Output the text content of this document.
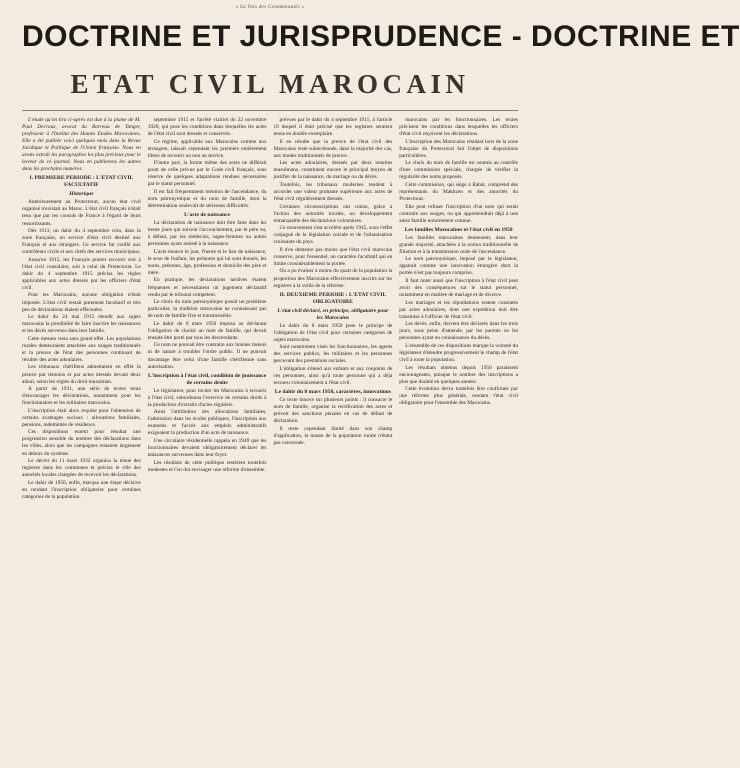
« La Voix des Communautés »
DOCTRINE ET JURISPRUDENCE - DOCTRINE ET
ETAT CIVIL MAROCAIN

L'étude qu'on lira ci-après est due à la plume de M. Paul Decroux, avocat du Barreau de Tanger, professeur à l'Institut des Hautes Etudes Marocaines. Elle a été publiée voici quelques mois dans la Revue Juridique et Politique de l'Union française. Nous en avons extrait les paragraphes les plus précieux pour le lecteur de ce journal. Nous en publierons les autres dans les prochains numéros.

I. PREMIERE PERIODE : L'ETAT CIVIL FACULTATIF
Historique

Antérieurement au Protectorat, aucun état civil organisé n'existait au Maroc. L'état civil français n'était tenu que par les consuls de France à l'égard de leurs ressortissants.

Dès 1913, un dahir du 4 septembre créa, dans la zone française, un service d'état civil destiné aux Français et aux étrangers. Ce service fut confié aux contrôleurs civils et aux chefs des services municipaux.

Jusqu'en 1915, les Français purent recourir soit à l'état civil consulaire, soit à celui du Protectorat. Le dahir du 4 septembre 1915 précisa les règles applicables aux actes dressés par les officiers d'état civil.

Pour les Marocains, aucune obligation n'était imposée. L'état civil restait purement facultatif et très peu de déclarations étaient effectuées.

Le dahir du 24 mai 1915 étendit aux sujets marocains la possibilité de faire inscrire les naissances et les décès survenus dans leur famille.

Cette mesure resta sans grand effet. Les populations rurales demeuraient attachées aux usages traditionnels et la preuve de l'état des personnes continuait de résulter des actes adoulaires.

Les tribunaux chérifiens admettaient en effet la preuve par témoins et par actes dressés devant deux adoul, selon les règles du droit musulman.

A partir de 1931, une série de textes tenta d'encourager les déclarations, notamment pour les fonctionnaires et les militaires marocains.

L'inscription était alors requise pour l'obtention de certains avantages sociaux : allocations familiales, pensions, indemnités de résidence.

Ces dispositions eurent pour résultat une progression sensible du nombre des déclarations dans les villes, alors que les campagnes restaient largement en dehors du système.

Le décret du 11 mars 1932 organisa la tenue des registres dans les communes et précisa le rôle des autorités locales chargées de recevoir les déclarations.

Le dahir de 1950, enfin, marqua une étape décisive en rendant l'inscription obligatoire pour certaines catégories de la population.

septembre 1915 et l'arrêté viziriel du 22 novembre 1920, qui pose les conditions dans lesquelles les actes de l'état civil sont dressés et conservés.

Ce régime, applicable aux Marocains comme aux étrangers, laissait cependant les premiers entièrement libres de recourir ou non au service.

D'autre part, la forme même des actes ne différait point de celle prévue par le Code civil français, sous réserve de quelques adaptations rendues nécessaires par le statut personnel.

Il est fait fréquemment mention de l'ascendance, du nom patronymique et du nom de famille, dont la détermination soulevait de sérieuses difficultés.

L'acte de naissance

La déclaration de naissance doit être faite dans les trente jours qui suivent l'accouchement, par le père ou, à défaut, par les médecins, sages-femmes ou autres personnes ayant assisté à la naissance.

L'acte énonce le jour, l'heure et le lieu de naissance, le sexe de l'enfant, les prénoms qui lui sont donnés, les noms, prénoms, âge, profession et domicile des père et mère.

En pratique, les déclarations tardives étaient fréquentes et nécessitaient un jugement déclaratif rendu par le tribunal compétent.

Le choix du nom patronymique posait un problème particulier, la tradition marocaine ne connaissant pas de nom de famille fixe et transmissible.

Le dahir du 8 mars 1950 imposa au déclarant l'obligation de choisir un nom de famille, qui devait ensuite être porté par tous les descendants.

Ce nom ne pouvait être contraire aux bonnes mœurs ni de nature à troubler l'ordre public. Il ne pouvait davantage être celui d'une famille chérifienne sans autorisation.

L'inscription à l'état civil, condition de jouissance de certains droits

Le législateur, pour inciter les Marocains à recourir à l'état civil, subordonna l'exercice de certains droits à la production d'extraits d'actes réguliers.

Ainsi l'attribution des allocations familiales, l'admission dans les écoles publiques, l'inscription aux examens et l'accès aux emplois administratifs exigeaient la production d'un acte de naissance.

Une circulaire résidentielle rappela en 1949 que les fonctionnaires devaient obligatoirement déclarer les naissances survenues dans leur foyer.

Les résultats de cette politique restèrent toutefois modestes et l'on dut envisager une réforme d'ensemble.

prévues par le dahir du 4 septembre 1915, à l'article 19 duquel il était précisé que les registres seraient tenus en double exemplaire.

Il en résulte que la preuve de l'état civil des Marocains reste subordonnée, dans la majorité des cas, aux modes traditionnels de preuve.

Les actes adoulaires, dressés par deux notaires musulmans, constituent encore le principal moyen de justifier de la naissance, du mariage ou du décès.

Toutefois, les tribunaux modernes tendent à accorder une valeur probante supérieure aux actes de l'état civil régulièrement dressés.

Certaines circonscriptions ont connu, grâce à l'action des autorités locales, un développement remarquable des déclarations volontaires.

Ce mouvement s'est accéléré après 1945, sous l'effet conjugué de la législation sociale et de l'urbanisation croissante du pays.

Il n'en demeure pas moins que l'état civil marocain conserve, pour l'essentiel, un caractère facultatif qui en limite considérablement la portée.

On a pu évaluer à moins du quart de la population la proportion des Marocains effectivement inscrits sur les registres à la veille de la réforme.

II. DEUXIEME PERIODE : L'ETAT CIVIL OBLIGATOIRE
L'état civil déclaré, en principe, obligatoire pour les Marocains

Le dahir du 8 mars 1950 pose le principe de l'obligation de l'état civil pour certaines catégories de sujets marocains.

Sont notamment visés les fonctionnaires, les agents des services publics, les militaires et les personnes percevant des prestations sociales.

L'obligation s'étend aux enfants et aux conjoints de ces personnes, ainsi qu'à toute personne qui a déjà recouru volontairement à l'état civil.

Le dahir du 8 mars 1950, caractères, innovations

Ce texte innove sur plusieurs points : il consacre le nom de famille, organise la rectification des actes et prévoit des sanctions pénales en cas de défaut de déclaration.

Il reste cependant limité dans son champ d'application, la masse de la population rurale n'étant pas concernée.

marocains par les fonctionnaires. Les textes précisent les conditions dans lesquelles les officiers d'état civil reçoivent les déclarations.

L'inscription des Marocains résidant hors de la zone française du Protectorat fait l'objet de dispositions particulières.

Le choix du nom de famille est soumis au contrôle d'une commission spéciale, chargée de vérifier la régularité des noms proposés.

Cette commission, qui siège à Rabat, comprend des représentants du Makhzen et des autorités du Protectorat.

Elle peut refuser l'inscription d'un nom qui serait contraire aux usages, ou qui appartiendrait déjà à une autre famille notoirement connue.

Les familles Marocaines et l'état civil en 1950

Les familles marocaines demeurent, dans leur grande majorité, attachées à la notion traditionnelle de filiation et à la transmission orale de l'ascendance.

Le nom patronymique, imposé par le législateur, apparaît comme une innovation étrangère dont la portée n'est pas toujours comprise.

Il faut noter aussi que l'inscription à l'état civil peut avoir des conséquences sur le statut personnel, notamment en matière de mariage et de divorce.

Les mariages et les répudiations restent constatés par actes adoulaires, dont une expédition doit être transmise à l'officier de l'état civil.

Les décès, enfin, doivent être déclarés dans les trois jours, sous peine d'amende, par les parents ou les personnes ayant eu connaissance du décès.

L'ensemble de ces dispositions marque la volonté du législateur d'étendre progressivement le champ de l'état civil à toute la population.

Les résultats obtenus depuis 1950 paraissent encourageants, puisque le nombre des inscriptions a plus que doublé en quelques années.

Cette évolution devra toutefois être confirmée par une réforme plus générale, rendant l'état civil obligatoire pour l'ensemble des Marocains.
